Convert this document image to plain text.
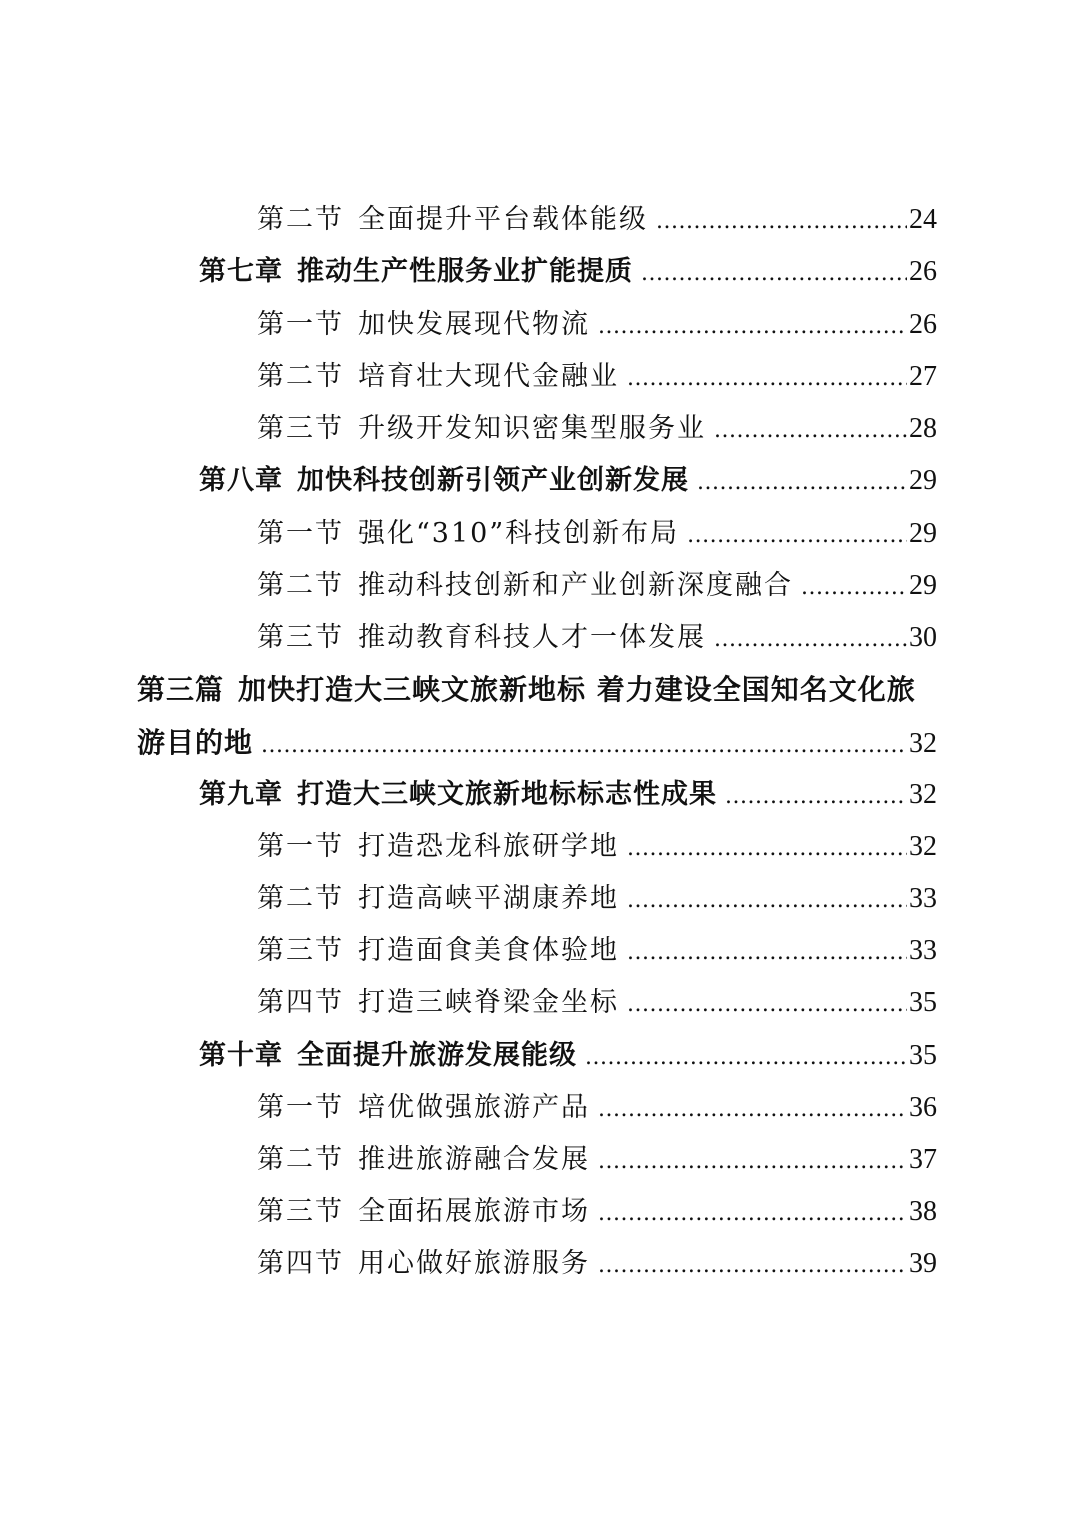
第二节 全面提升平台载体能级 .....	24
第七章 推动生产性服务业扩能提质 .....	26
第一节 加快发展现代物流 .....	26
第二节 培育壮大现代金融业 .....	27
第三节 升级开发知识密集型服务业 .....	28
第八章 加快科技创新引领产业创新发展 .....	29
第一节 强化“310”科技创新布局 .....	29
第二节 推动科技创新和产业创新深度融合 .....	29
第三节 推动教育科技人才一体发展 .....	30
第三篇 加快打造大三峡文旅新地标 着力建设全国知名文化旅
游目的地 .....	32
第九章 打造大三峡文旅新地标标志性成果 .....	32
第一节 打造恐龙科旅研学地 .....	32
第二节 打造高峡平湖康养地 .....	33
第三节 打造面食美食体验地 .....	33
第四节 打造三峡脊梁金坐标 .....	35
第十章 全面提升旅游发展能级 .....	35
第一节 培优做强旅游产品 .....	36
第二节 推进旅游融合发展 .....	37
第三节 全面拓展旅游市场 .....	38
第四节 用心做好旅游服务 .....	39
